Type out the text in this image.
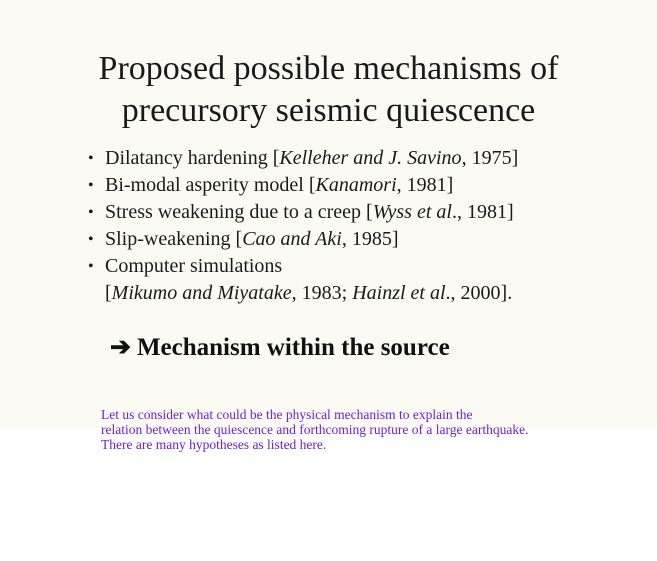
Proposed possible mechanisms of
precursory seismic quiescence
• Dilatancy hardening [Kelleher and J. Savino, 1975]
• Bi-modal asperity model [Kanamori, 1981]
• Stress weakening due to a creep [Wyss et al., 1981]
• Slip-weakening [Cao and Aki, 1985]
• Computer simulations
[Mikumo and Miyatake, 1983; Hainzl et al., 2000].
➔ Mechanism within the source
Let us consider what could be the physical mechanism to explain the
relation between the quiescence and forthcoming rupture of a large earthquake.
There are many hypotheses as listed here.
